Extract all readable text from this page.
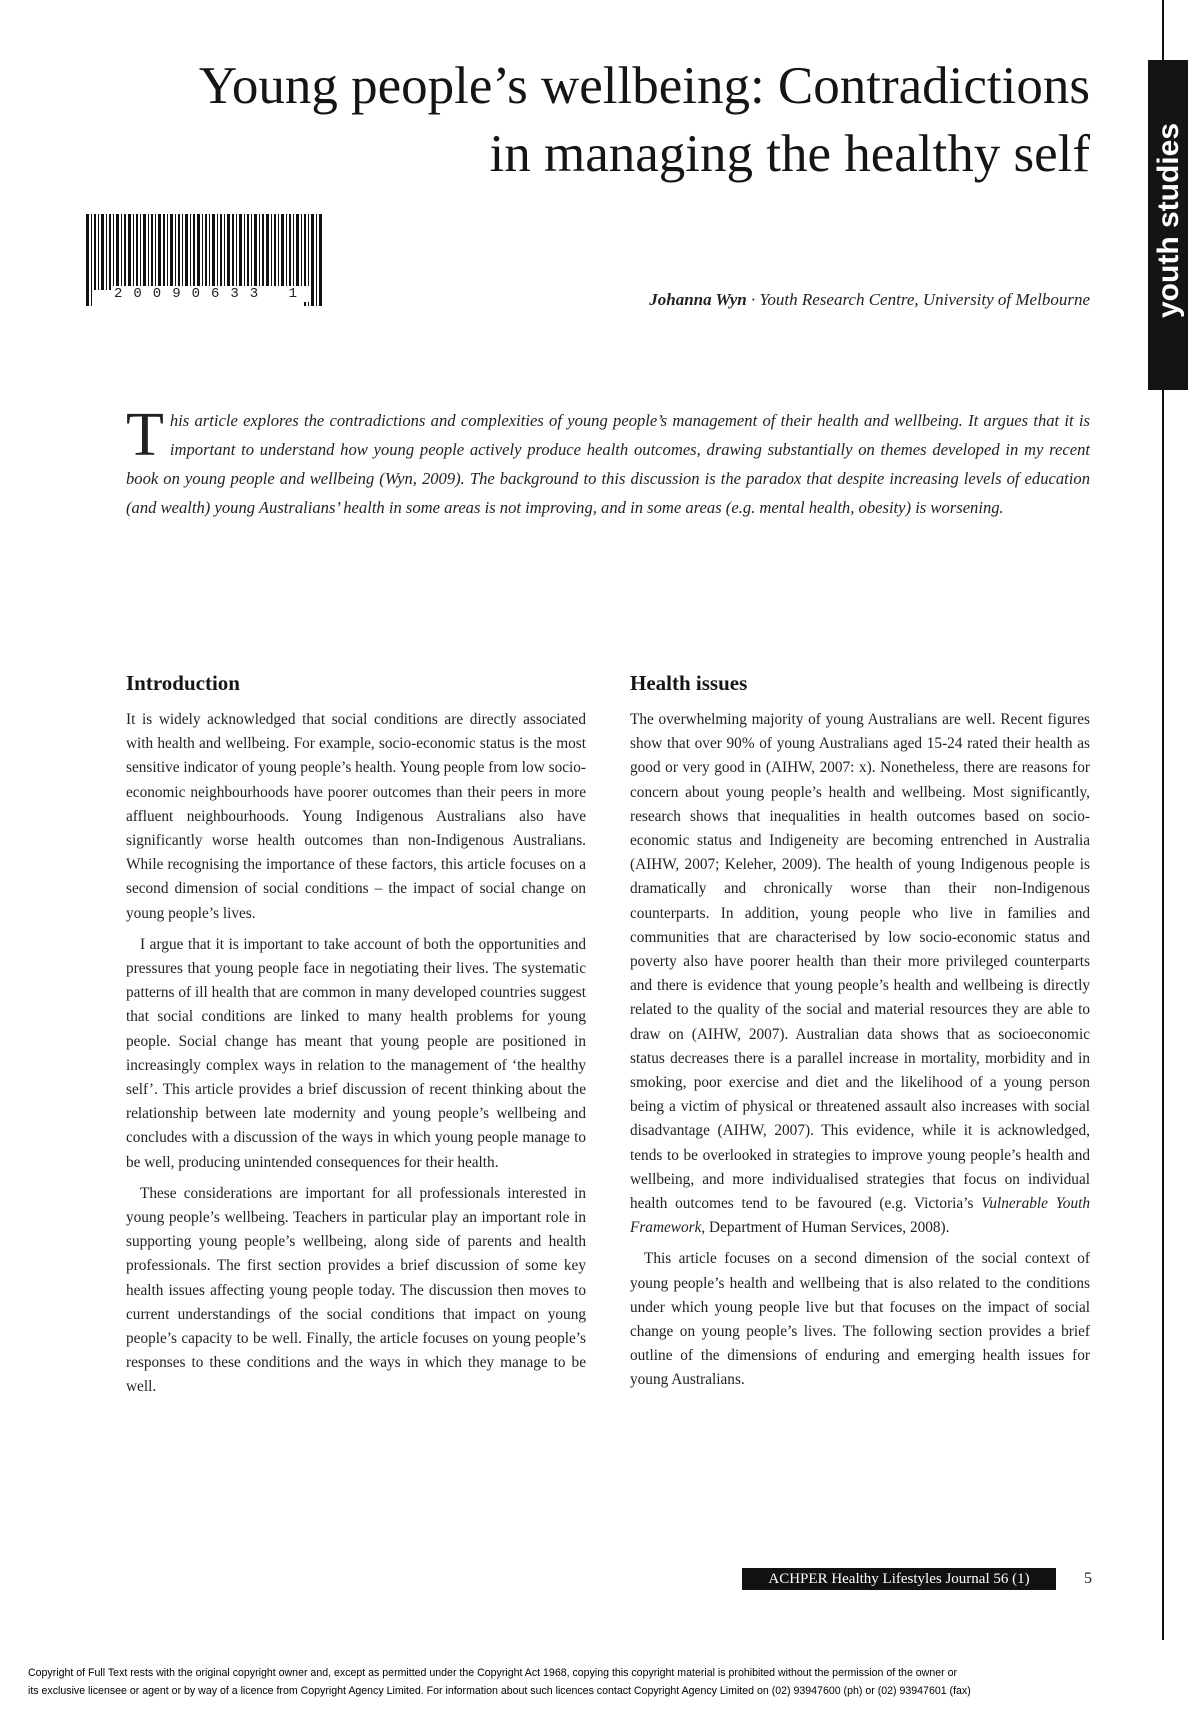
Young people’s wellbeing: Contradictions
in managing the healthy self
20090633 1	Johanna Wyn · Youth Research Centre, University of Melbourne

This article explores the contradictions and complexities of young people’s management of their health and wellbeing. It argues that it is important to understand how young people actively produce health outcomes, drawing substantially on themes developed in my recent book on young people and wellbeing (Wyn, 2009). The background to this discussion is the paradox that despite increasing levels of education (and wealth) young Australians’ health in some areas is not improving, and in some areas (e.g. mental health, obesity) is worsening.

Introduction

It is widely acknowledged that social conditions are directly associated with health and wellbeing. For example, socio-economic status is the most sensitive indicator of young people’s health. Young people from low socio-economic neighbourhoods have poorer outcomes than their peers in more affluent neighbourhoods. Young Indigenous Australians also have significantly worse health outcomes than non-Indigenous Australians. While recognising the importance of these factors, this article focuses on a second dimension of social conditions – the impact of social change on young people’s lives.

I argue that it is important to take account of both the opportunities and pressures that young people face in negotiating their lives. The systematic patterns of ill health that are common in many developed countries suggest that social conditions are linked to many health problems for young people. Social change has meant that young people are positioned in increasingly complex ways in relation to the management of ‘the healthy self’. This article provides a brief discussion of recent thinking about the relationship between late modernity and young people’s wellbeing and concludes with a discussion of the ways in which young people manage to be well, producing unintended consequences for their health.

These considerations are important for all professionals interested in young people’s wellbeing. Teachers in particular play an important role in supporting young people’s wellbeing, along side of parents and health professionals. The first section provides a brief discussion of some key health issues affecting young people today. The discussion then moves to current understandings of the social conditions that impact on young people’s capacity to be well. Finally, the article focuses on young people’s responses to these conditions and the ways in which they manage to be well.

Health issues

The overwhelming majority of young Australians are well. Recent figures show that over 90% of young Australians aged 15-24 rated their health as good or very good in (AIHW, 2007: x). Nonetheless, there are reasons for concern about young people’s health and wellbeing. Most significantly, research shows that inequalities in health outcomes based on socio-economic status and Indigeneity are becoming entrenched in Australia (AIHW, 2007; Keleher, 2009). The health of young Indigenous people is dramatically and chronically worse than their non-Indigenous counterparts. In addition, young people who live in families and communities that are characterised by low socio-economic status and poverty also have poorer health than their more privileged counterparts and there is evidence that young people’s health and wellbeing is directly related to the quality of the social and material resources they are able to draw on (AIHW, 2007). Australian data shows that as socioeconomic status decreases there is a parallel increase in mortality, morbidity and in smoking, poor exercise and diet and the likelihood of a young person being a victim of physical or threatened assault also increases with social disadvantage (AIHW, 2007). This evidence, while it is acknowledged, tends to be overlooked in strategies to improve young people’s health and wellbeing, and more individualised strategies that focus on individual health outcomes tend to be favoured (e.g. Victoria’s Vulnerable Youth Framework, Department of Human Services, 2008).

This article focuses on a second dimension of the social context of young people’s health and wellbeing that is also related to the conditions under which young people live but that focuses on the impact of social change on young people’s lives. The following section provides a brief outline of the dimensions of enduring and emerging health issues for young Australians.

ACHPER Healthy Lifestyles Journal 56 (1)	5

Copyright of Full Text rests with the original copyright owner and, except as permitted under the Copyright Act 1968, copying this copyright material is prohibited without the permission of the owner or
its exclusive licensee or agent or by way of a licence from Copyright Agency Limited. For information about such licences contact Copyright Agency Limited on (02) 93947600 (ph) or (02) 93947601 (fax)

youth studies
